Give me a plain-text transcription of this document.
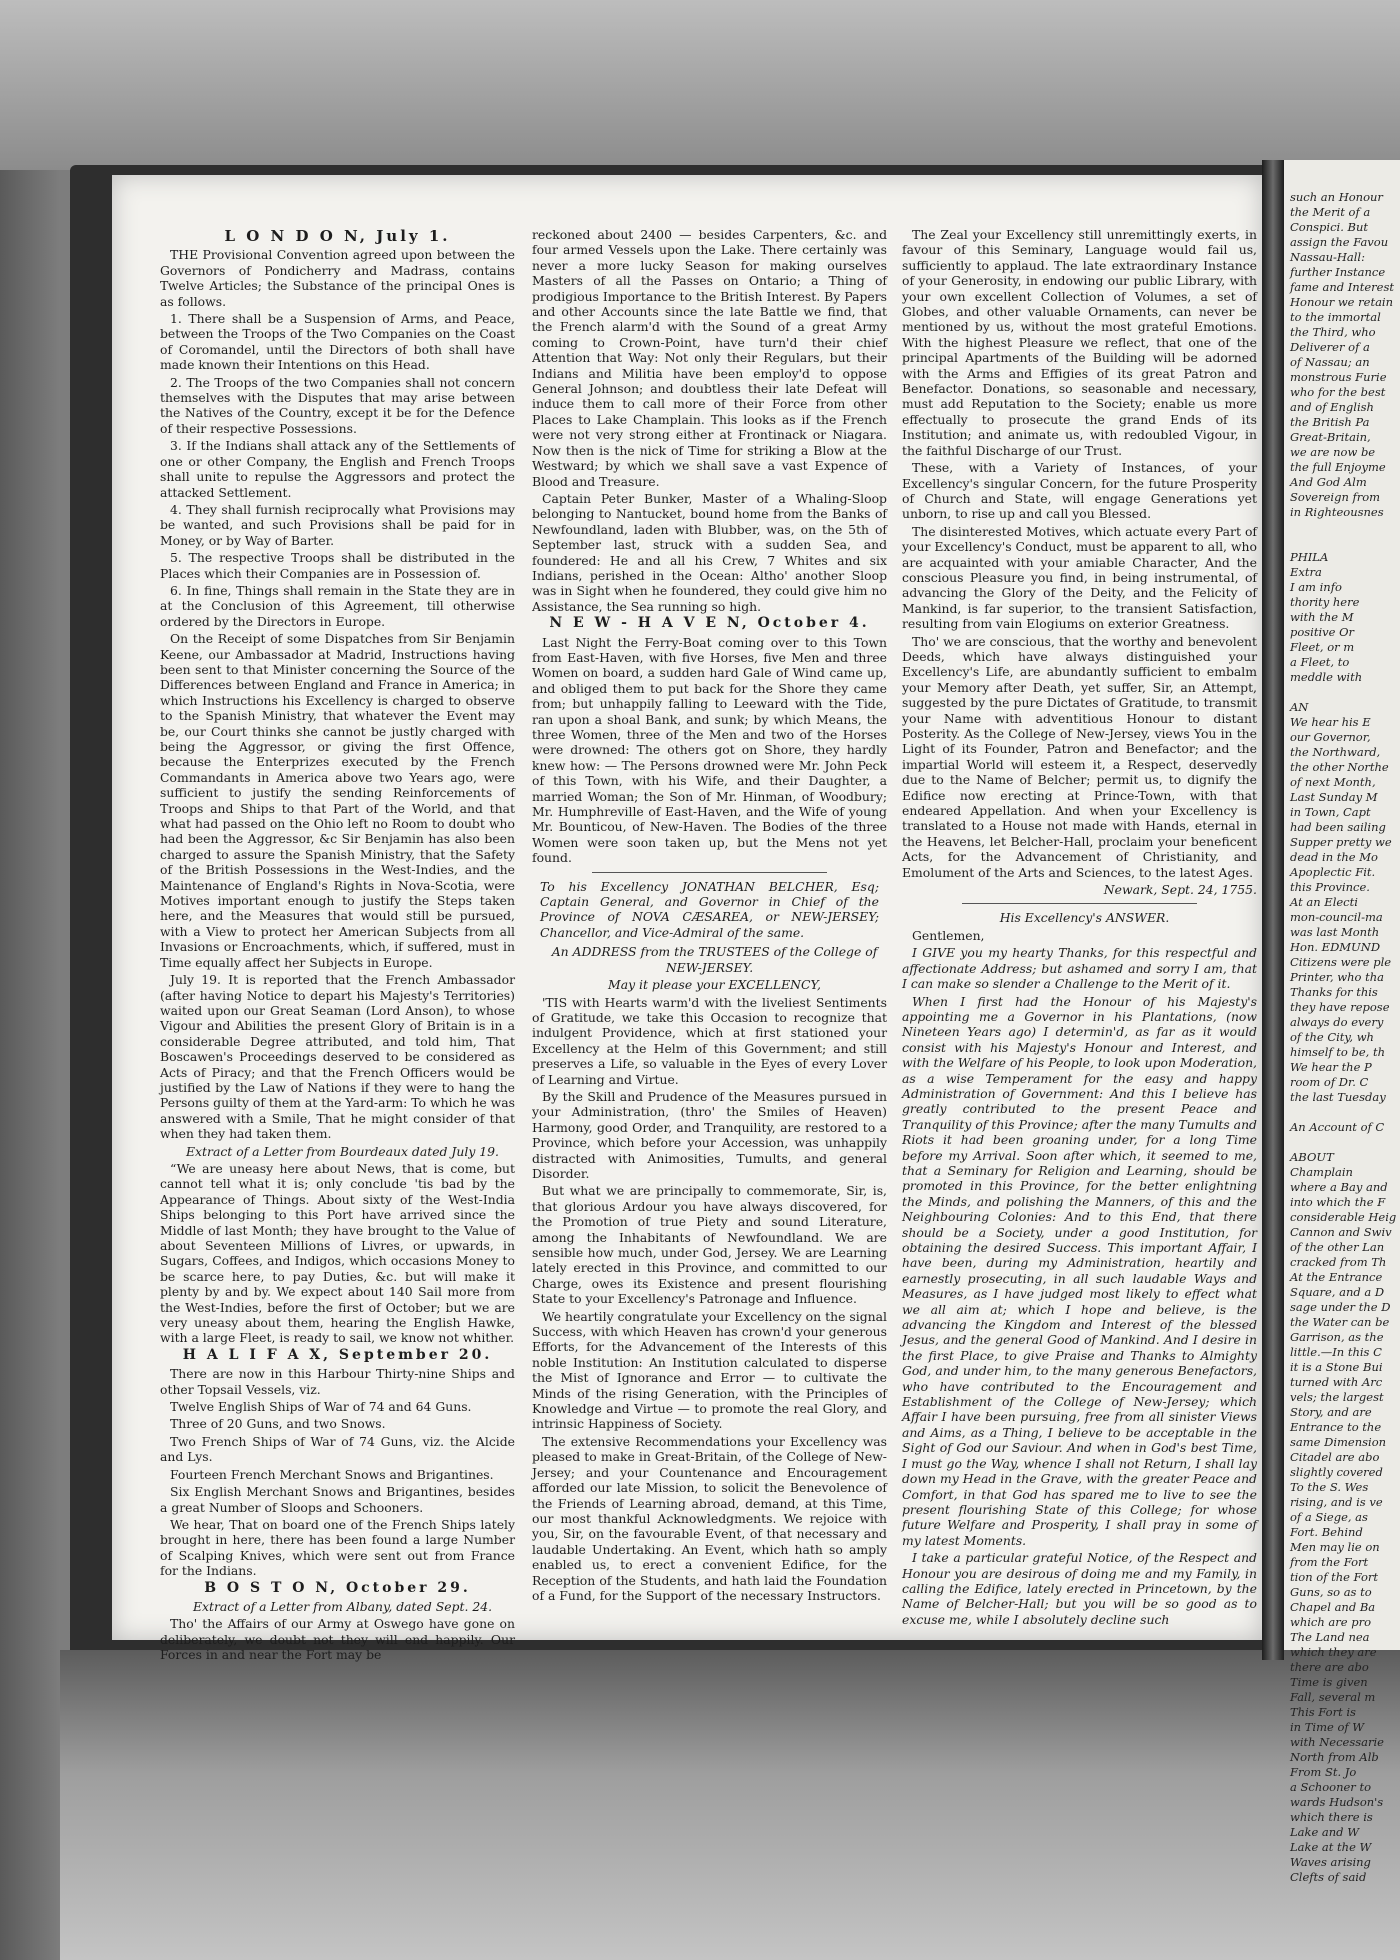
L O N D O N, July 1.

THE Provisional Convention agreed upon between the Governors of Pondicherry and Madrass, contains Twelve Articles; the Substance of the principal Ones is as follows.

1. There shall be a Suspension of Arms, and Peace, between the Troops of the Two Companies on the Coast of Coromandel, until the Directors of both shall have made known their Intentions on this Head.

2. The Troops of the two Companies shall not concern themselves with the Disputes that may arise between the Natives of the Country, except it be for the Defence of their respective Possessions.

3. If the Indians shall attack any of the Settlements of one or other Company, the English and French Troops shall unite to repulse the Aggressors and protect the attacked Settlement.

4. They shall furnish reciprocally what Provisions may be wanted, and such Provisions shall be paid for in Money, or by Way of Barter.

5. The respective Troops shall be distributed in the Places which their Companies are in Possession of.

6. In fine, Things shall remain in the State they are in at the Conclusion of this Agreement, till otherwise ordered by the Directors in Europe.

On the Receipt of some Dispatches from Sir Benjamin Keene, our Ambassador at Madrid, Instructions having been sent to that Minister concerning the Source of the Differences between England and France in America; in which Instructions his Excellency is charged to observe to the Spanish Ministry, that whatever the Event may be, our Court thinks she cannot be justly charged with being the Aggressor, or giving the first Offence, because the Enterprizes executed by the French Commandants in America above two Years ago, were sufficient to justify the sending Reinforcements of Troops and Ships to that Part of the World, and that what had passed on the Ohio left no Room to doubt who had been the Aggressor, &c Sir Benjamin has also been charged to assure the Spanish Ministry, that the Safety of the British Possessions in the West-Indies, and the Maintenance of England's Rights in Nova-Scotia, were Motives important enough to justify the Steps taken here, and the Measures that would still be pursued, with a View to protect her American Subjects from all Invasions or Encroachments, which, if suffered, must in Time equally affect her Subjects in Europe.

July 19. It is reported that the French Ambassador (after having Notice to depart his Majesty's Territories) waited upon our Great Seaman (Lord Anson), to whose Vigour and Abilities the present Glory of Britain is in a considerable Degree attributed, and told him, That Boscawen's Proceedings deserved to be considered as Acts of Piracy; and that the French Officers would be justified by the Law of Nations if they were to hang the Persons guilty of them at the Yard-arm: To which he was answered with a Smile, That he might consider of that when they had taken them.

Extract of a Letter from Bourdeaux dated July 19.

“We are uneasy here about News, that is come, but cannot tell what it is; only conclude 'tis bad by the Appearance of Things. About sixty of the West-India Ships belonging to this Port have arrived since the Middle of last Month; they have brought to the Value of about Seventeen Millions of Livres, or upwards, in Sugars, Coffees, and Indigos, which occasions Money to be scarce here, to pay Duties, &c. but will make it plenty by and by. We expect about 140 Sail more from the West-Indies, before the first of October; but we are very uneasy about them, hearing the English Hawke, with a large Fleet, is ready to sail, we know not whither.

H A L I F A X, September 20.

There are now in this Harbour Thirty-nine Ships and other Topsail Vessels, viz.

Twelve English Ships of War of 74 and 64 Guns.

Three of 20 Guns, and two Snows.

Two French Ships of War of 74 Guns, viz. the Alcide and Lys.

Fourteen French Merchant Snows and Brigantines.

Six English Merchant Snows and Brigantines, besides a great Number of Sloops and Schooners.

We hear, That on board one of the French Ships lately brought in here, there has been found a large Number of Scalping Knives, which were sent out from France for the Indians.

B O S T O N, October 29.

Extract of a Letter from Albany, dated Sept. 24.

Tho' the Affairs of our Army at Oswego have gone on deliberately, we doubt not they will end happily. Our Forces in and near the Fort may be

reckoned about 2400 — besides Carpenters, &c. and four armed Vessels upon the Lake. There certainly was never a more lucky Season for making ourselves Masters of all the Passes on Ontario; a Thing of prodigious Importance to the British Interest. By Papers and other Accounts since the late Battle we find, that the French alarm'd with the Sound of a great Army coming to Crown-Point, have turn'd their chief Attention that Way: Not only their Regulars, but their Indians and Militia have been employ'd to oppose General Johnson; and doubtless their late Defeat will induce them to call more of their Force from other Places to Lake Champlain. This looks as if the French were not very strong either at Frontinack or Niagara. Now then is the nick of Time for striking a Blow at the Westward; by which we shall save a vast Expence of Blood and Treasure.

Captain Peter Bunker, Master of a Whaling-Sloop belonging to Nantucket, bound home from the Banks of Newfoundland, laden with Blubber, was, on the 5th of September last, struck with a sudden Sea, and foundered: He and all his Crew, 7 Whites and six Indians, perished in the Ocean: Altho' another Sloop was in Sight when he foundered, they could give him no Assistance, the Sea running so high.

N E W - H A V E N, October 4.

Last Night the Ferry-Boat coming over to this Town from East-Haven, with five Horses, five Men and three Women on board, a sudden hard Gale of Wind came up, and obliged them to put back for the Shore they came from; but unhappily falling to Leeward with the Tide, ran upon a shoal Bank, and sunk; by which Means, the three Women, three of the Men and two of the Horses were drowned: The others got on Shore, they hardly knew how: — The Persons drowned were Mr. John Peck of this Town, with his Wife, and their Daughter, a married Woman; the Son of Mr. Hinman, of Woodbury; Mr. Humphreville of East-Haven, and the Wife of young Mr. Bounticou, of New-Haven. The Bodies of the three Women were soon taken up, but the Mens not yet found.

To his Excellency JONATHAN BELCHER, Esq; Captain General, and Governor in Chief of the Province of NOVA CÆSAREA, or NEW-JERSEY; Chancellor, and Vice-Admiral of the same.

An ADDRESS from the TRUSTEES of the College of NEW-JERSEY.

May it please your EXCELLENCY,

'TIS with Hearts warm'd with the liveliest Sentiments of Gratitude, we take this Occasion to recognize that indulgent Providence, which at first stationed your Excellency at the Helm of this Government; and still preserves a Life, so valuable in the Eyes of every Lover of Learning and Virtue.

By the Skill and Prudence of the Measures pursued in your Administration, (thro' the Smiles of Heaven) Harmony, good Order, and Tranquility, are restored to a Province, which before your Accession, was unhappily distracted with Animosities, Tumults, and general Disorder.

But what we are principally to commemorate, Sir, is, that glorious Ardour you have always discovered, for the Promotion of true Piety and sound Literature, among the Inhabitants of Newfoundland. We are sensible how much, under God, Jersey. We are Learning lately erected in this Province, and committed to our Charge, owes its Existence and present flourishing State to your Excellency's Patronage and Influence.

We heartily congratulate your Excellency on the signal Success, with which Heaven has crown'd your generous Efforts, for the Advancement of the Interests of this noble Institution: An Institution calculated to disperse the Mist of Ignorance and Error — to cultivate the Minds of the rising Generation, with the Principles of Knowledge and Virtue — to promote the real Glory, and intrinsic Happiness of Society.

The extensive Recommendations your Excellency was pleased to make in Great-Britain, of the College of New-Jersey; and your Countenance and Encouragement afforded our late Mission, to solicit the Benevolence of the Friends of Learning abroad, demand, at this Time, our most thankful Acknowledgments. We rejoice with you, Sir, on the favourable Event, of that necessary and laudable Undertaking. An Event, which hath so amply enabled us, to erect a convenient Edifice, for the Reception of the Students, and hath laid the Foundation of a Fund, for the Support of the necessary Instructors.

The Zeal your Excellency still unremittingly exerts, in favour of this Seminary, Language would fail us, sufficiently to applaud. The late extraordinary Instance of your Generosity, in endowing our public Library, with your own excellent Collection of Volumes, a set of Globes, and other valuable Ornaments, can never be mentioned by us, without the most grateful Emotions. With the highest Pleasure we reflect, that one of the principal Apartments of the Building will be adorned with the Arms and Effigies of its great Patron and Benefactor. Donations, so seasonable and necessary, must add Reputation to the Society; enable us more effectually to prosecute the grand Ends of its Institution; and animate us, with redoubled Vigour, in the faithful Discharge of our Trust.

These, with a Variety of Instances, of your Excellency's singular Concern, for the future Prosperity of Church and State, will engage Generations yet unborn, to rise up and call you Blessed.

The disinterested Motives, which actuate every Part of your Excellency's Conduct, must be apparent to all, who are acquainted with your amiable Character, And the conscious Pleasure you find, in being instrumental, of advancing the Glory of the Deity, and the Felicity of Mankind, is far superior, to the transient Satisfaction, resulting from vain Elogiums on exterior Greatness.

Tho' we are conscious, that the worthy and benevolent Deeds, which have always distinguished your Excellency's Life, are abundantly sufficient to embalm your Memory after Death, yet suffer, Sir, an Attempt, suggested by the pure Dictates of Gratitude, to transmit your Name with adventitious Honour to distant Posterity. As the College of New-Jersey, views You in the Light of its Founder, Patron and Benefactor; and the impartial World will esteem it, a Respect, deservedly due to the Name of Belcher; permit us, to dignify the Edifice now erecting at Prince-Town, with that endeared Appellation. And when your Excellency is translated to a House not made with Hands, eternal in the Heavens, let Belcher-Hall, proclaim your beneficent Acts, for the Advancement of Christianity, and Emolument of the Arts and Sciences, to the latest Ages.

Newark, Sept. 24, 1755.

His Excellency's ANSWER.

Gentlemen,

I GIVE you my hearty Thanks, for this respectful and affectionate Address; but ashamed and sorry I am, that I can make so slender a Challenge to the Merit of it.

When I first had the Honour of his Majesty's appointing me a Governor in his Plantations, (now Nineteen Years ago) I determin'd, as far as it would consist with his Majesty's Honour and Interest, and with the Welfare of his People, to look upon Moderation, as a wise Temperament for the easy and happy Administration of Government: And this I believe has greatly contributed to the present Peace and Tranquility of this Province; after the many Tumults and Riots it had been groaning under, for a long Time before my Arrival. Soon after which, it seemed to me, that a Seminary for Religion and Learning, should be promoted in this Province, for the better enlightning the Minds, and polishing the Manners, of this and the Neighbouring Colonies: And to this End, that there should be a Society, under a good Institution, for obtaining the desired Success. This important Affair, I have been, during my Administration, heartily and earnestly prosecuting, in all such laudable Ways and Measures, as I have judged most likely to effect what we all aim at; which I hope and believe, is the advancing the Kingdom and Interest of the blessed Jesus, and the general Good of Mankind. And I desire in the first Place, to give Praise and Thanks to Almighty God, and under him, to the many generous Benefactors, who have contributed to the Encouragement and Establishment of the College of New-Jersey; which Affair I have been pursuing, free from all sinister Views and Aims, as a Thing, I believe to be acceptable in the Sight of God our Saviour. And when in God's best Time, I must go the Way, whence I shall not Return, I shall lay down my Head in the Grave, with the greater Peace and Comfort, in that God has spared me to live to see the present flourishing State of this College; for whose future Welfare and Prosperity, I shall pray in some of my latest Moments.

I take a particular grateful Notice, of the Respect and Honour you are desirous of doing me and my Family, in calling the Edifice, lately erected in Princetown, by the Name of Belcher-Hall; but you will be so good as to excuse me, while I absolutely decline such

such an Honour
the Merit of a
Conspici. But
assign the Favou
Nassau-Hall:
further Instance
fame and Interest
Honour we retain
to the immortal
the Third, who
Deliverer of a
of Nassau; an
monstrous Furie
who for the best
and of English
the British Pa
Great-Britain,
we are now be
the full Enjoyme
And God Alm
Sovereign from
in Righteousnes
PHILA
Extra
I am info
thority here
with the M
positive Or
Fleet, or m
a Fleet, to
meddle with
AN
We hear his E
our Governor,
the Northward,
the other Northe
of next Month,
Last Sunday M
in Town, Capt
had been sailing
Supper pretty we
dead in the Mo
Apoplectic Fit.
this Province.
At an Electi
mon-council-ma
was last Month
Hon. EDMUND
Citizens were ple
Printer, who tha
Thanks for this
they have repose
always do every
of the City, wh
himself to be, th
We hear the P
room of Dr. C
the last Tuesday
An Account of C
ABOUT
Champlain
where a Bay and
into which the F
considerable Heig
Cannon and Swiv
of the other Lan
cracked from Th
At the Entrance
Square, and a D
sage under the D
the Water can be
Garrison, as the
little.—In this C
it is a Stone Bui
turned with Arc
vels; the largest
Story, and are
Entrance to the
same Dimension
Citadel are abo
slightly covered
To the S. Wes
rising, and is ve
of a Siege, as
Fort. Behind
Men may lie on
from the Fort
tion of the Fort
Guns, so as to
Chapel and Ba
which are pro
The Land nea
which they are
there are abo
Time is given
Fall, several m
This Fort is
in Time of W
with Necessarie
North from Alb
From St. Jo
a Schooner to
wards Hudson's
which there is
Lake and W
Lake at the W
Waves arising
Clefts of said
